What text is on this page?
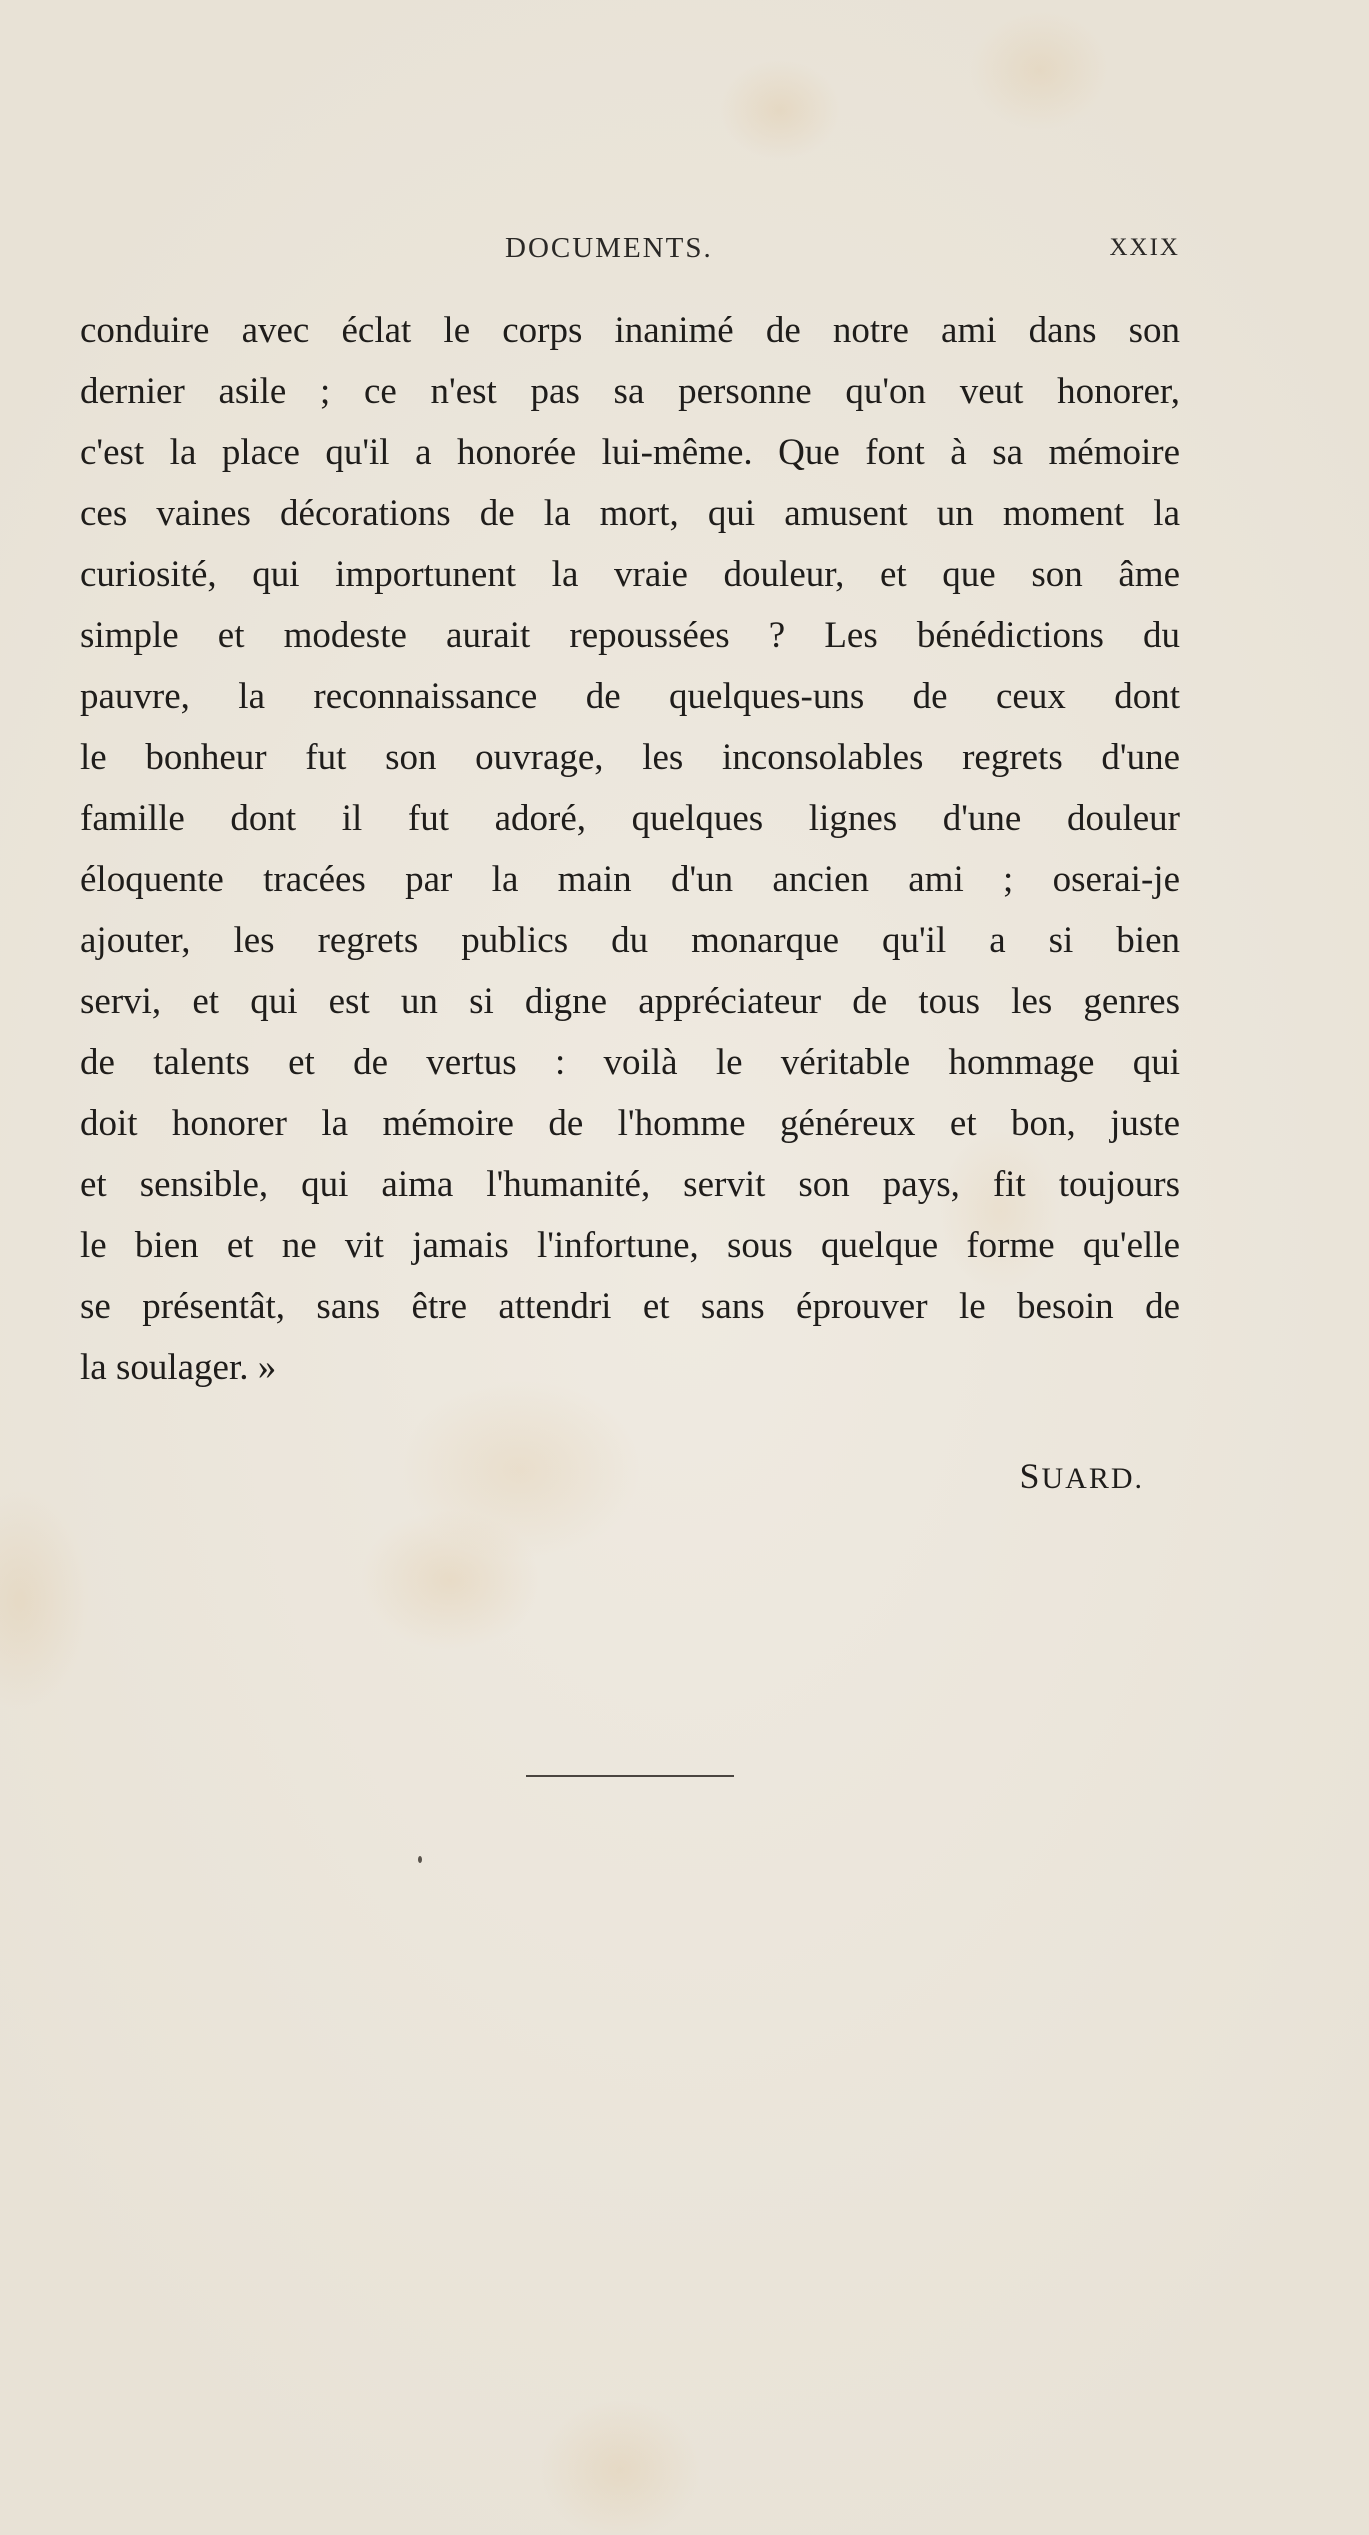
DOCUMENTS.	XXIX
conduire avec éclat le corps inanimé de notre ami dans son
dernier asile ; ce n'est pas sa personne qu'on veut honorer,
c'est la place qu'il a honorée lui-même. Que font à sa mémoire
ces vaines décorations de la mort, qui amusent un moment la
curiosité, qui importunent la vraie douleur, et que son âme
simple et modeste aurait repoussées ? Les bénédictions du
pauvre, la reconnaissance de quelques-uns de ceux dont
le bonheur fut son ouvrage, les inconsolables regrets d'une
famille dont il fut adoré, quelques lignes d'une douleur
éloquente tracées par la main d'un ancien ami ; oserai-je
ajouter, les regrets publics du monarque qu'il a si bien
servi, et qui est un si digne appréciateur de tous les genres
de talents et de vertus : voilà le véritable hommage qui
doit honorer la mémoire de l'homme généreux et bon, juste
et sensible, qui aima l'humanité, servit son pays, fit toujours
le bien et ne vit jamais l'infortune, sous quelque forme qu'elle
se présentât, sans être attendri et sans éprouver le besoin de
la soulager. »
SUARD.
